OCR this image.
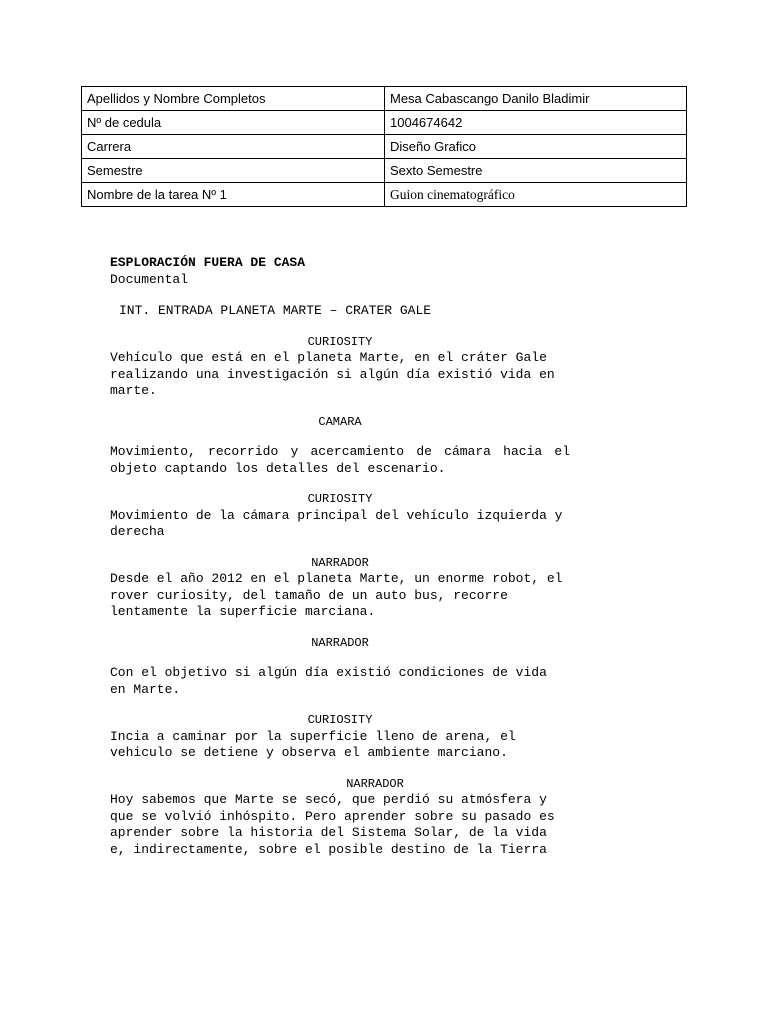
Apellidos y Nombre Completos	Mesa Cabascango Danilo Bladimir
Nº de cedula	1004674642
Carrera	Diseño Grafico
Semestre	Sexto Semestre
Nombre de la tarea Nº 1	Guion cinematográfico

ESPLORACIÓN FUERA DE CASA

Documental

INT. ENTRADA PLANETA MARTE – CRATER GALE

CURIOSITY

Vehículo que está en el planeta Marte, en el cráter Gale realizando una investigación si algún día existió vida en marte.

CAMARA

Movimiento, recorrido y acercamiento de cámara hacia el objeto captando los detalles del escenario.

CURIOSITY

Movimiento de la cámara principal del vehículo izquierda y derecha

NARRADOR

Desde el año 2012 en el planeta Marte, un enorme robot, el rover curiosity, del tamaño de un auto bus, recorre lentamente la superficie marciana.

NARRADOR

Con el objetivo si algún día existió condiciones de vida en Marte.

CURIOSITY

Incia a caminar por la superficie lleno de arena, el vehiculo se detiene y observa el ambiente marciano.

NARRADOR

Hoy sabemos que Marte se secó, que perdió su atmósfera y que se volvió inhóspito. Pero aprender sobre su pasado es aprender sobre la historia del Sistema Solar, de la vida e, indirectamente, sobre el posible destino de la Tierra
